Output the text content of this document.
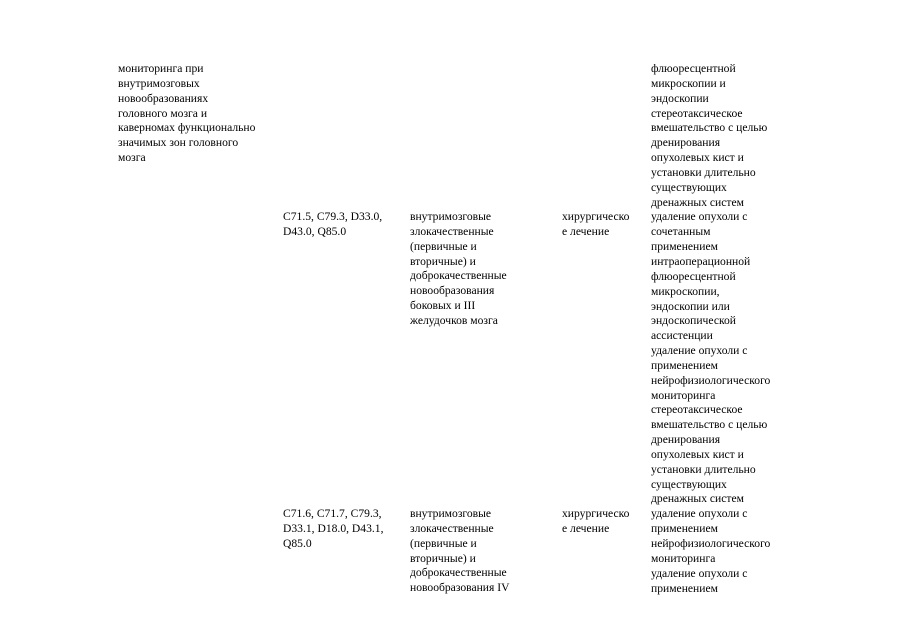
мониторинга при
внутримозговых
новообразованиях
головного мозга и
каверномах функционально
значимых зон головного
мозга
C71.5, C79.3, D33.0,
D43.0, Q85.0
внутримозговые
злокачественные
(первичные и
вторичные) и
доброкачественные
новообразования
боковых и III
желудочков мозга
хирургическо
е лечение
C71.6, C71.7, C79.3,
D33.1, D18.0, D43.1,
Q85.0
внутримозговые
злокачественные
(первичные и
вторичные) и
доброкачественные
новообразования IV
хирургическо
е лечение
флюоресцентной
микроскопии и
эндоскопии
стереотаксическое
вмешательство с целью
дренирования
опухолевых кист и
установки длительно
существующих
дренажных систем
удаление опухоли с
сочетанным
применением
интраоперационной
флюоресцентной
микроскопии,
эндоскопии или
эндоскопической
ассистенции
удаление опухоли с
применением
нейрофизиологического
мониторинга
стереотаксическое
вмешательство с целью
дренирования
опухолевых кист и
установки длительно
существующих
дренажных систем
удаление опухоли с
применением
нейрофизиологического
мониторинга
удаление опухоли с
применением
